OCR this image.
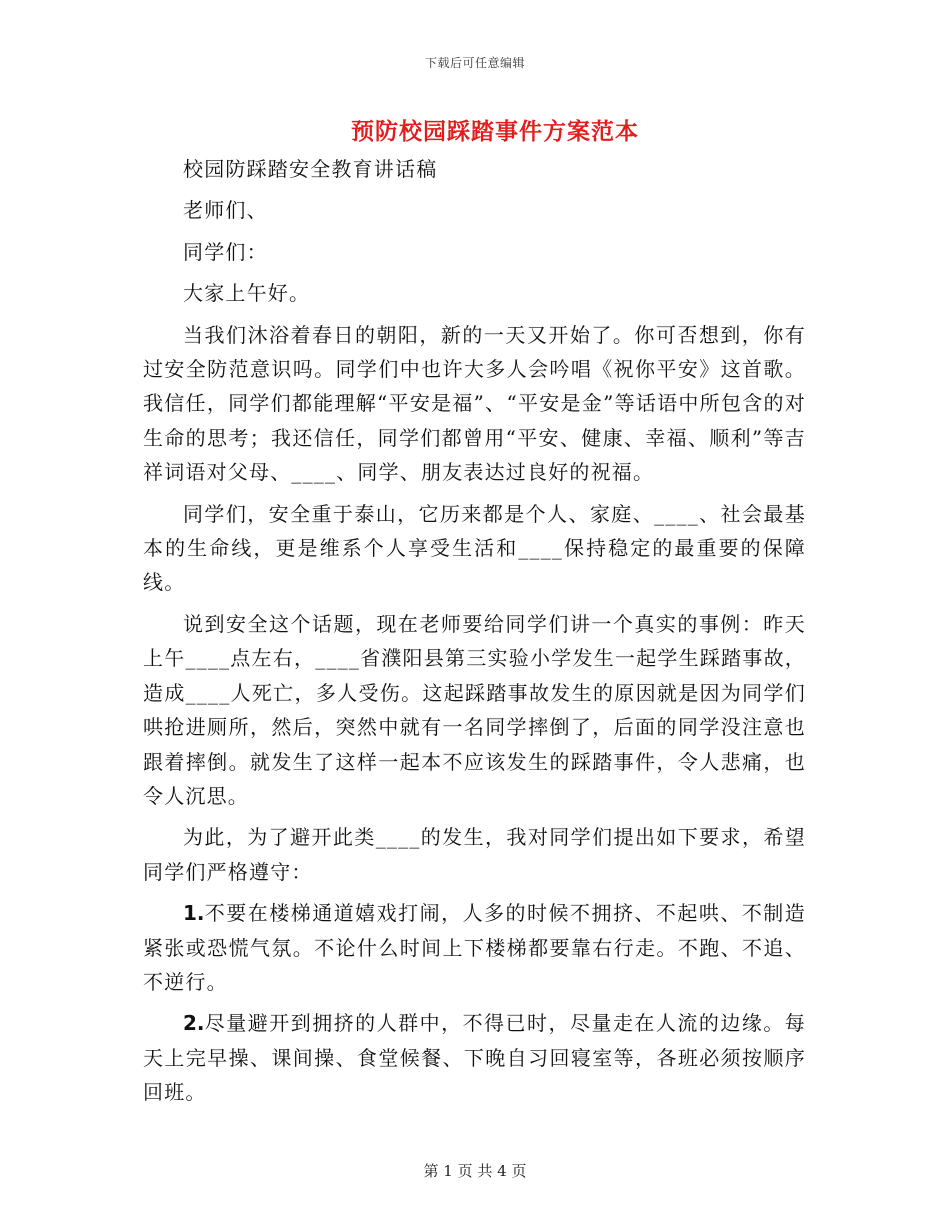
下载后可任意编辑
预防校园踩踏事件方案范本

校园防踩踏安全教育讲话稿

老师们、

同学们：

大家上午好。

当我们沐浴着春日的朝阳，新的一天又开始了。你可否想到，你有过安全防范意识吗。同学们中也许大多人会吟唱《祝你平安》这首歌。我信任，同学们都能理解“平安是福”、“平安是金”等话语中所包含的对生命的思考；我还信任，同学们都曾用“平安、健康、幸福、顺利”等吉祥词语对父母、____、同学、朋友表达过良好的祝福。

同学们，安全重于泰山，它历来都是个人、家庭、____、社会最基本的生命线，更是维系个人享受生活和____保持稳定的最重要的保障线。

说到安全这个话题，现在老师要给同学们讲一个真实的事例：昨天上午____点左右，____省濮阳县第三实验小学发生一起学生踩踏事故，造成____人死亡，多人受伤。这起踩踏事故发生的原因就是因为同学们哄抢进厕所，然后，突然中就有一名同学摔倒了，后面的同学没注意也跟着摔倒。就发生了这样一起本不应该发生的踩踏事件，令人悲痛，也令人沉思。

为此，为了避开此类____的发生，我对同学们提出如下要求，希望同学们严格遵守：

1.不要在楼梯通道嬉戏打闹，人多的时候不拥挤、不起哄、不制造紧张或恐慌气氛。不论什么时间上下楼梯都要靠右行走。不跑、不追、不逆行。

2.尽量避开到拥挤的人群中，不得已时，尽量走在人流的边缘。每天上完早操、课间操、食堂候餐、下晚自习回寝室等，各班必须按顺序回班。

第 1 页 共 4 页
